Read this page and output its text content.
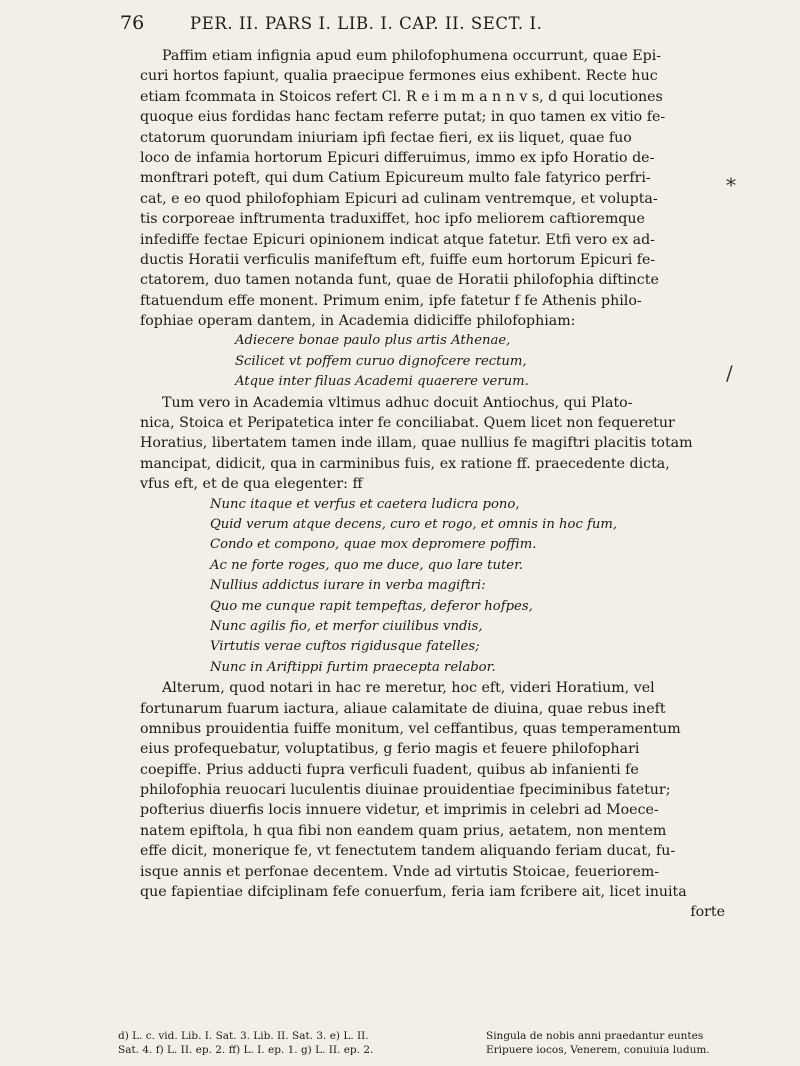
76	PER. II. PARS I. LIB. I. CAP. II. SECT. I.
*
/
Paffim etiam infignia apud eum philofophumena occurrunt, quae Epi-
curi hortos fapiunt, qualia praecipue fermones eius exhibent. Recte huc
etiam fcommata in Stoicos refert Cl. R e i m m a n n v s, d qui locutiones
quoque eius fordidas hanc fectam referre putat; in quo tamen ex vitio fe-
ctatorum quorundam iniuriam ipfi fectae fieri, ex iis liquet, quae fuo
loco de infamia hortorum Epicuri differuimus, immo ex ipfo Horatio de-
monftrari poteft, qui dum Catium Epicureum multo fale fatyrico perfri-
cat, e eo quod philofophiam Epicuri ad culinam ventremque, et volupta-
tis corporeae inftrumenta traduxiffet, hoc ipfo meliorem caftioremque
infediffe fectae Epicuri opinionem indicat atque fatetur. Etfi vero ex ad-
ductis Horatii verficulis manifeftum eft, fuiffe eum hortorum Epicuri fe-
ctatorem, duo tamen notanda funt, quae de Horatii philofophia diftincte
ftatuendum effe monent. Primum enim, ipfe fatetur f fe Athenis philo-
fophiae operam dantem, in Academia didiciffe philofophiam:
Adiecere bonae paulo plus artis Athenae,
Scilicet vt poffem curuo dignofcere rectum,
Atque inter filuas Academi quaerere verum.
Tum vero in Academia vltimus adhuc docuit Antiochus, qui Plato-
nica, Stoica et Peripatetica inter fe conciliabat. Quem licet non fequeretur
Horatius, libertatem tamen inde illam, quae nullius fe magiftri placitis totam
mancipat, didicit, qua in carminibus fuis, ex ratione ff. praecedente dicta,
vfus eft, et de qua elegenter: ff
Nunc itaque et verfus et caetera ludicra pono,
Quid verum atque decens, curo et rogo, et omnis in hoc fum,
Condo et compono, quae mox depromere poffim.
Ac ne forte roges, quo me duce, quo lare tuter.
Nullius addictus iurare in verba magiftri:
Quo me cunque rapit tempeftas, deferor hofpes,
Nunc agilis fio, et merfor ciuilibus vndis,
Virtutis verae cuftos rigidusque fatelles;
Nunc in Ariftippi furtim praecepta relabor.
Alterum, quod notari in hac re meretur, hoc eft, videri Horatium, vel
fortunarum fuarum iactura, aliaue calamitate de diuina, quae rebus ineft
omnibus prouidentia fuiffe monitum, vel ceffantibus, quas temperamentum
eius profequebatur, voluptatibus, g ferio magis et feuere philofophari
coepiffe. Prius adducti fupra verficuli fuadent, quibus ab infanienti fe
philofophia reuocari luculentis diuinae prouidentiae fpeciminibus fatetur;
pofterius diuerfis locis innuere videtur, et imprimis in celebri ad Moece-
natem epiftola, h qua fibi non eandem quam prius, aetatem, non mentem
effe dicit, monerique fe, vt fenectutem tandem aliquando feriam ducat, fu-
isque annis et perfonae decentem. Vnde ad virtutis Stoicae, feueriorem-
que fapientiae difciplinam fefe conuerfum, feria iam fcribere ait, licet inuita
forte
d) L. c. vid. Lib. I. Sat. 3. Lib. II. Sat. 3. e) L. II.	Singula de nobis anni praedantur euntes
Sat. 4. f) L. II. ep. 2. ff) L. I. ep. 1. g) L. II. ep. 2.	Eripuere iocos, Venerem, conuiuia ludum.
